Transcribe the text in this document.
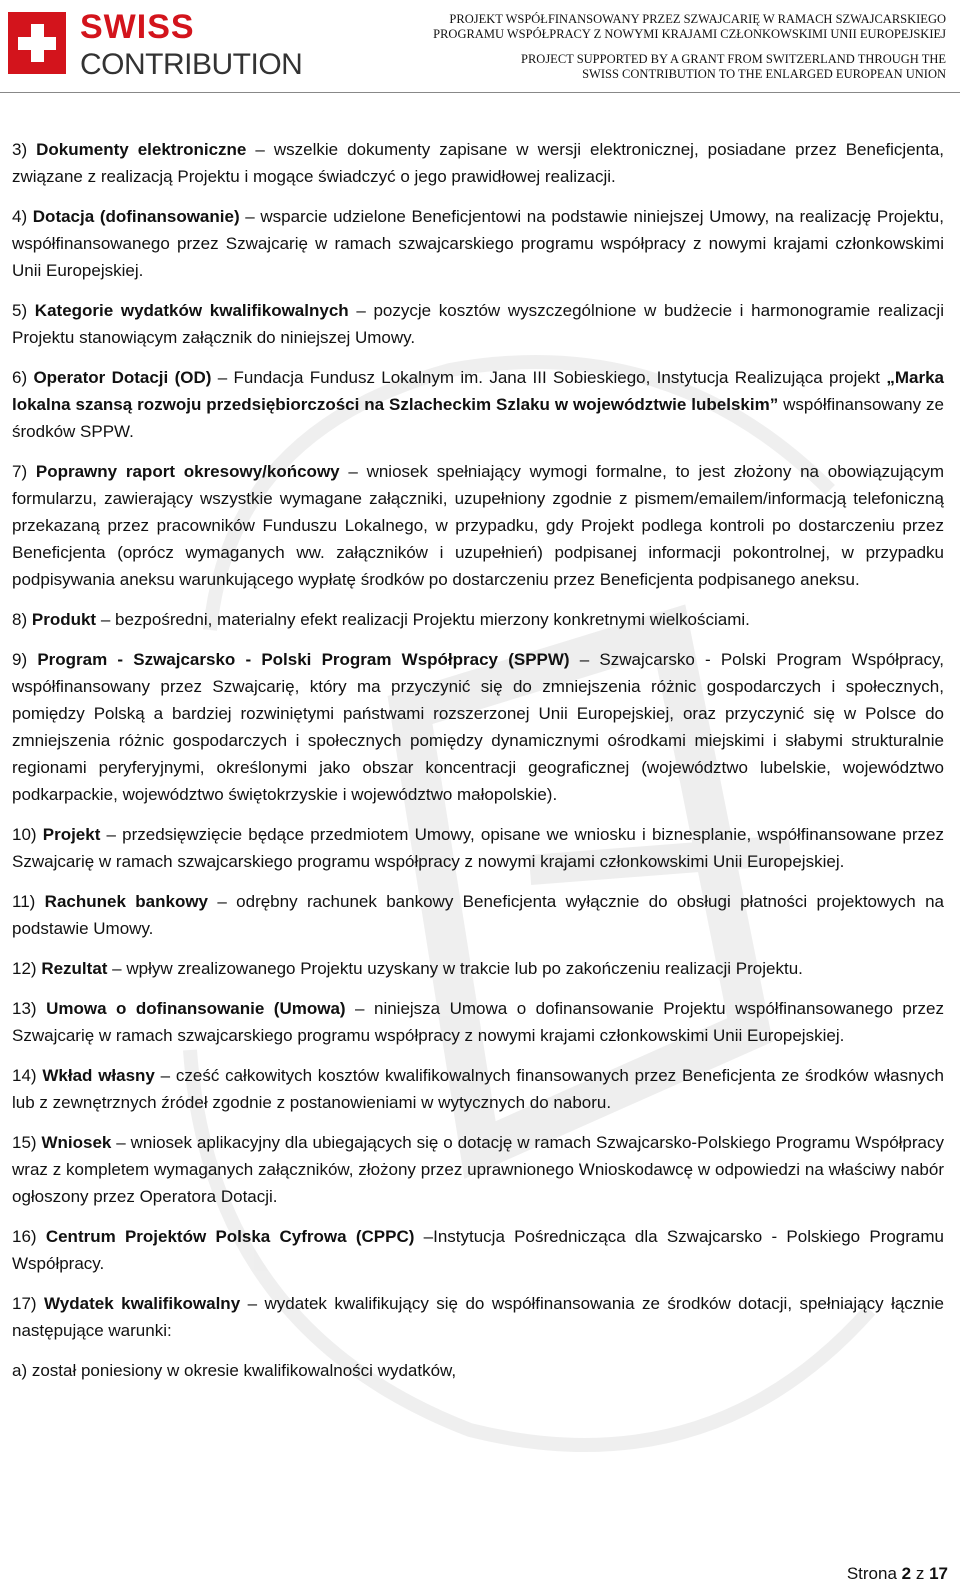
SWISS
CONTRIBUTION
PROJEKT WSPÓŁFINANSOWANY PRZEZ SZWAJCARIĘ W RAMACH SZWAJCARSKIEGO
PROGRAMU WSPÓŁPRACY Z NOWYMI KRAJAMI CZŁONKOWSKIMI UNII EUROPEJSKIEJ
PROJECT SUPPORTED BY A GRANT FROM SWITZERLAND THROUGH THE
SWISS CONTRIBUTION TO THE ENLARGED EUROPEAN UNION

3) Dokumenty elektroniczne – wszelkie dokumenty zapisane w wersji elektronicznej, posiadane przez Beneficjenta, związane z realizacją Projektu i mogące świadczyć o jego prawidłowej realizacji.

4) Dotacja (dofinansowanie) – wsparcie udzielone Beneficjentowi na podstawie niniejszej Umowy, na realizację Projektu, współfinansowanego przez Szwajcarię w ramach szwajcarskiego programu współpracy z nowymi krajami członkowskimi Unii Europejskiej.

5) Kategorie wydatków kwalifikowalnych – pozycje kosztów wyszczególnione w budżecie i harmonogramie realizacji Projektu stanowiącym załącznik do niniejszej Umowy.

6) Operator Dotacji (OD) – Fundacja Fundusz Lokalnym im. Jana III Sobieskiego, Instytucja Realizująca projekt „Marka lokalna szansą rozwoju przedsiębiorczości na Szlacheckim Szlaku w województwie lubelskim” współfinansowany ze środków SPPW.

7) Poprawny raport okresowy/końcowy – wniosek spełniający wymogi formalne, to jest złożony na obowiązującym formularzu, zawierający wszystkie wymagane załączniki, uzupełniony zgodnie z pismem/emailem/informacją telefoniczną przekazaną przez pracowników Funduszu Lokalnego, w przypadku, gdy Projekt podlega kontroli po dostarczeniu przez Beneficjenta (oprócz wymaganych ww. załączników i uzupełnień) podpisanej informacji pokontrolnej, w przypadku podpisywania aneksu warunkującego wypłatę środków po dostarczeniu przez Beneficjenta podpisanego aneksu.

8) Produkt – bezpośredni, materialny efekt realizacji Projektu mierzony konkretnymi wielkościami.

9) Program - Szwajcarsko - Polski Program Współpracy (SPPW) – Szwajcarsko - Polski Program Współpracy, współfinansowany przez Szwajcarię, który ma przyczynić się do zmniejszenia różnic gospodarczych i społecznych, pomiędzy Polską a bardziej rozwiniętymi państwami rozszerzonej Unii Europejskiej, oraz przyczynić się w Polsce do zmniejszenia różnic gospodarczych i społecznych pomiędzy dynamicznymi ośrodkami miejskimi i słabymi strukturalnie regionami peryferyjnymi, określonymi jako obszar koncentracji geograficznej (województwo lubelskie, województwo podkarpackie, województwo świętokrzyskie i województwo małopolskie).

10) Projekt – przedsięwzięcie będące przedmiotem Umowy, opisane we wniosku i biznesplanie, współfinansowane przez Szwajcarię w ramach szwajcarskiego programu współpracy z nowymi krajami członkowskimi Unii Europejskiej.

11) Rachunek bankowy – odrębny rachunek bankowy Beneficjenta wyłącznie do obsługi płatności projektowych na podstawie Umowy.

12) Rezultat – wpływ zrealizowanego Projektu uzyskany w trakcie lub po zakończeniu realizacji Projektu.

13) Umowa o dofinansowanie (Umowa) – niniejsza Umowa o dofinansowanie Projektu współfinansowanego przez Szwajcarię w ramach szwajcarskiego programu współpracy z nowymi krajami członkowskimi Unii Europejskiej.

14) Wkład własny – cześć całkowitych kosztów kwalifikowalnych finansowanych przez Beneficjenta ze środków własnych lub z zewnętrznych źródeł zgodnie z postanowieniami w wytycznych do naboru.

15) Wniosek – wniosek aplikacyjny dla ubiegających się o dotację w ramach Szwajcarsko-Polskiego Programu Współpracy wraz z kompletem wymaganych załączników, złożony przez uprawnionego Wnioskodawcę w odpowiedzi na właściwy nabór ogłoszony przez Operatora Dotacji.

16) Centrum Projektów Polska Cyfrowa (CPPC) –Instytucja Pośrednicząca dla Szwajcarsko - Polskiego Programu Współpracy.

17) Wydatek kwalifikowalny – wydatek kwalifikujący się do współfinansowania ze środków dotacji, spełniający łącznie następujące warunki:

a) został poniesiony w okresie kwalifikowalności wydatków,

Strona 2 z 17
